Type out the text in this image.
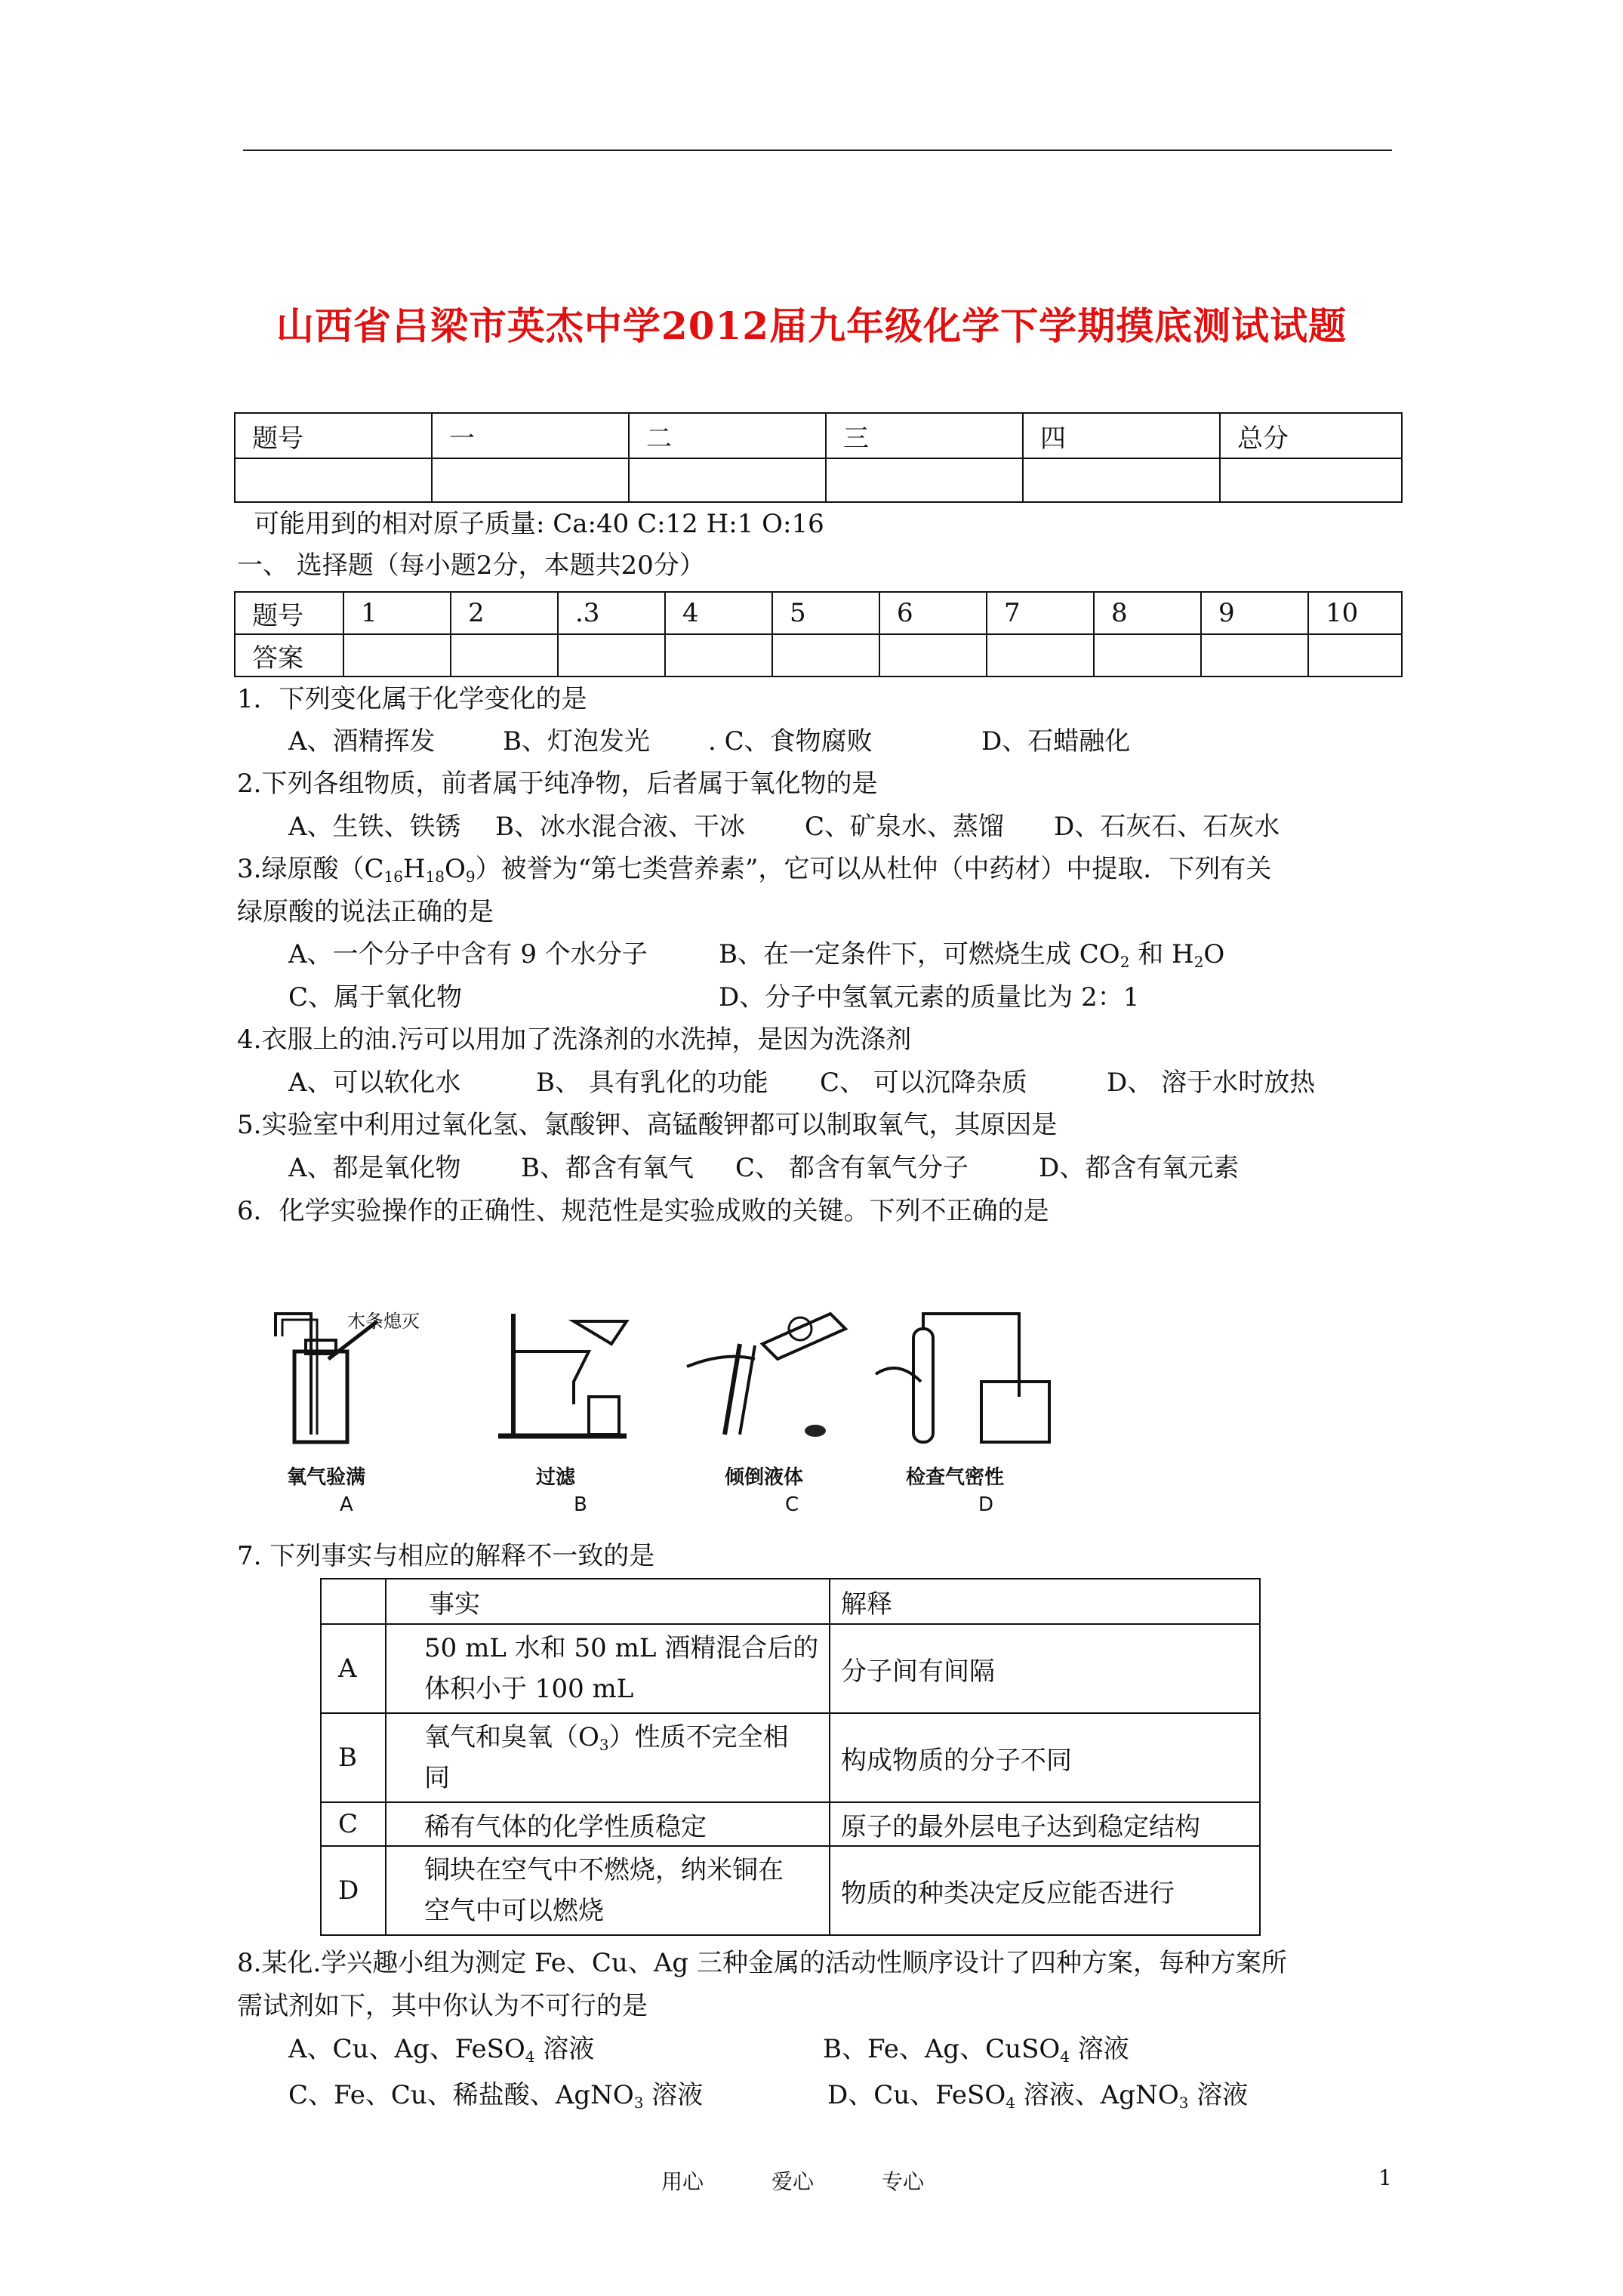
山西省吕梁市英杰中学2012届九年级化学下学期摸底测试试题
题号	一	二	三	四	总分

可能用到的相对原子质量: Ca:40 C:12 H:1 O:16
一、 选择题（每小题2分，本题共20分）
题号	1	2	.3	4	5	6	7	8	9	10
答案										
1．下列变化属于化学变化的是
A、酒精挥发	B、灯泡发光 . C、食物腐败	D、石蜡融化
2.下列各组物质，前者属于纯净物，后者属于氧化物的是
A、生铁、铁锈 B、冰水混合液、干冰 C、矿泉水、蒸馏 D、石灰石、石灰水
3.绿原酸$(C_{16}H_{18}O_9)$被誉为“第七类营养素”，它可以从杜仲（中药材）中提取．下列有关
绿原酸的说法正确的是
A、一个分子中含有 9 个水分子	B、在一定条件下，可燃烧生成 $CO_2$ 和 $H_2O$
C、属于氧化物	D、分子中氢氧元素的质量比为 2：1
4.衣服上的油.污可以用加了洗涤剂的水洗掉，是因为洗涤剂
A、可以软化水	B、 具有乳化的功能 C、 可以沉降杂质	D、 溶于水时放热
5.实验室中利用过氧化氢、氯酸钾、高锰酸钾都可以制取氧气，其原因是
A、都是氧化物 B、都含有氧气 C、 都含有氧气分子	D、都含有氧元素
6．化学实验操作的正确性、规范性是实验成败的关键。下列不正确的是
木条熄灭
氧气验满
A
过滤
B
倾倒液体
C
检查气密性
D
7. 下列事实与相应的解释不一致的是
	事实	解释
A	50 mL 水和 50 mL 酒精混合后的
体积小于 100 mL	分子间有间隔
B	氧气和臭氧$(O_3)$性质不完全相
同	构成物质的分子不同
C	稀有气体的化学性质稳定	原子的最外层电子达到稳定结构
D	铜块在空气中不燃烧，纳米铜在
空气中可以燃烧	物质的种类决定反应能否进行
8.某化.学兴趣小组为测定 Fe、Cu、Ag 三种金属的活动性顺序设计了四种方案，每种方案所
需试剂如下，其中你认为不可行的是
A、Cu、Ag、FeSO$_4$ 溶液	B、Fe、Ag、CuSO$_4$ 溶液
C、Fe、Cu、稀盐酸、AgNO$_3$ 溶液	D、Cu、FeSO$_4$ 溶液、AgNO$_3$ 溶液
用心	爱心	专心	1
